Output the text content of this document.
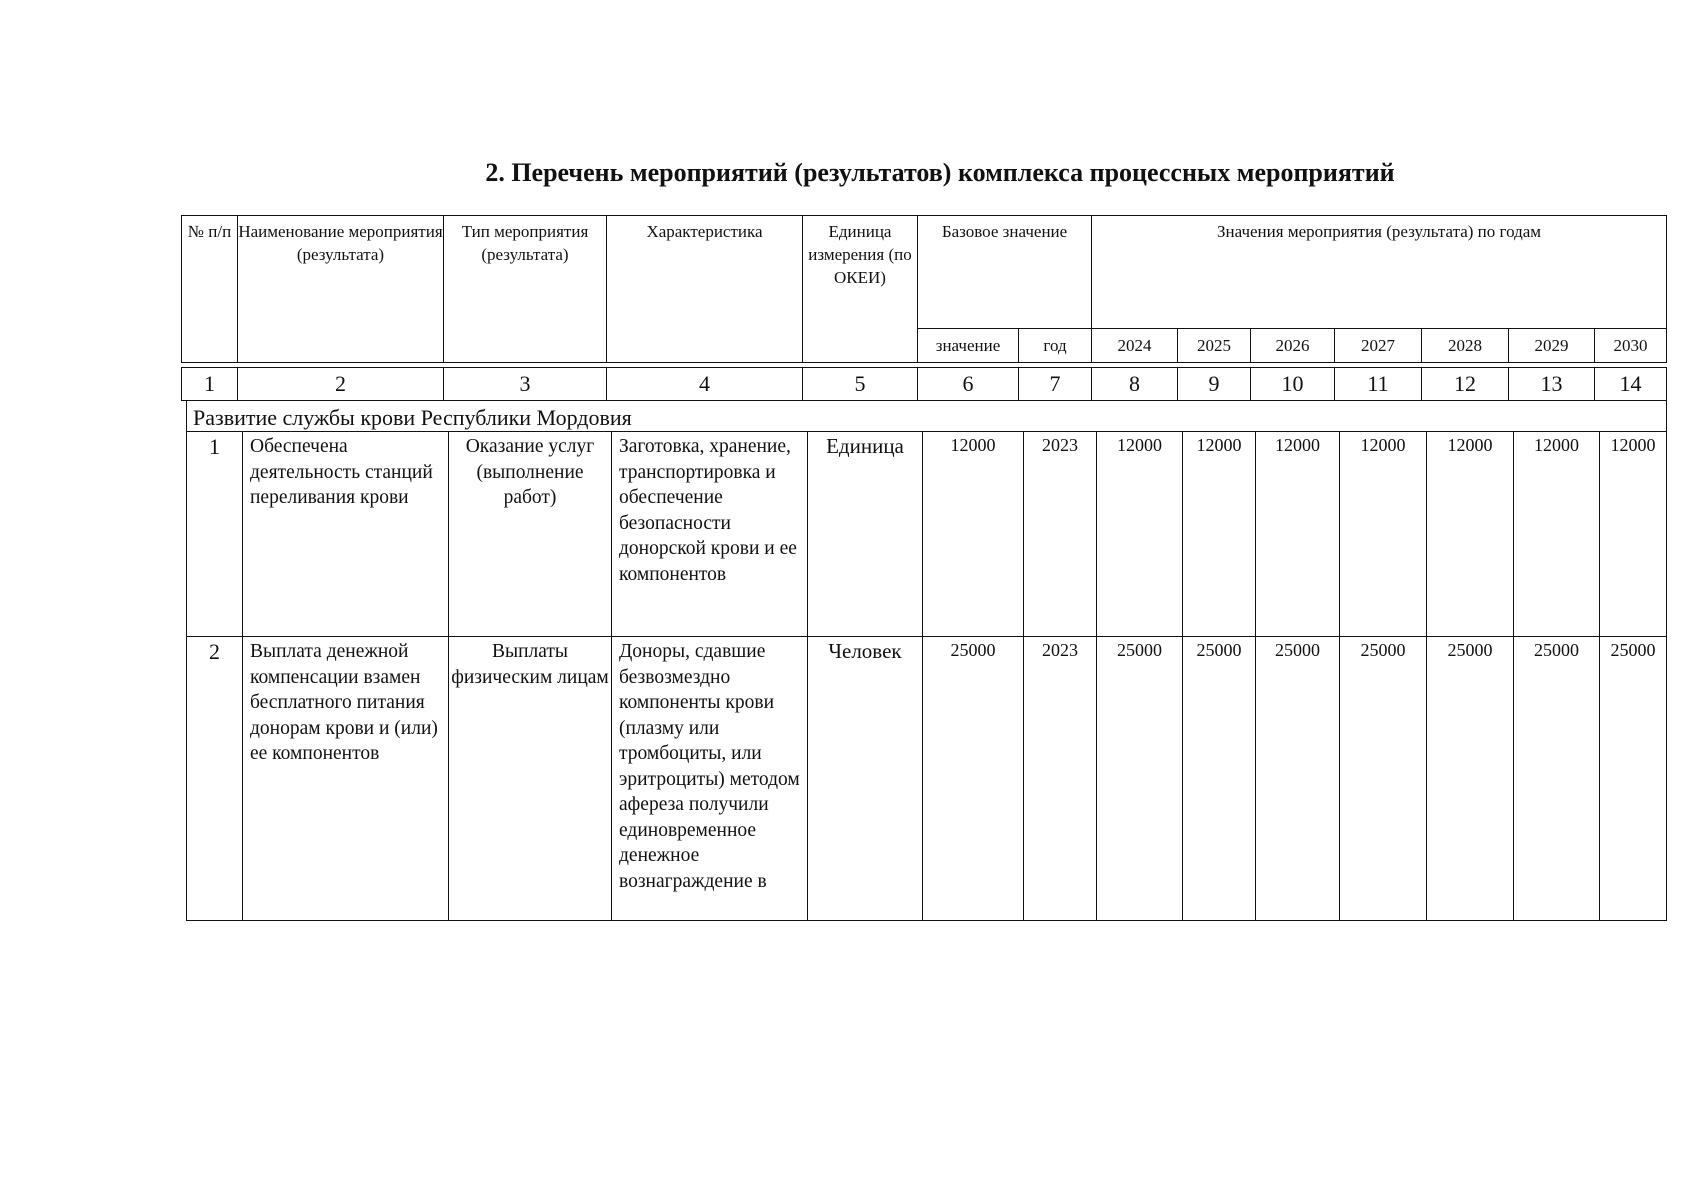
2. Перечень мероприятий (результатов) комплекса процессных мероприятий
№ п/п	Наименование мероприятия (результата)	Тип мероприятия (результата)	Характеристика	Единица измерения (по ОКЕИ)	Базовое значение		Значения мероприятия (результата) по годам						
					значение	год	2024	2025	2026	2027	2028	2029	2030
1	2	3	4	5	6	7	8	9	10	11	12	13	14
Развитие службы крови Республики Мордовия													
1	Обеспечена деятельность станций переливания крови	Оказание услуг (выполнение работ)	Заготовка, хранение, транспортировка и обеспечение безопасности донорской крови и ее компонентов	Единица	12000	2023	12000	12000	12000	12000	12000	12000	12000
2	Выплата денежной компенсации взамен бесплатного питания донорам крови и (или) ее компонентов	Выплаты физическим лицам	Доноры, сдавшие безвозмездно компоненты крови (плазму или тромбоциты, или эритроциты) методом афереза получили единовременное денежное вознаграждение в	Человек	25000	2023	25000	25000	25000	25000	25000	25000	25000
